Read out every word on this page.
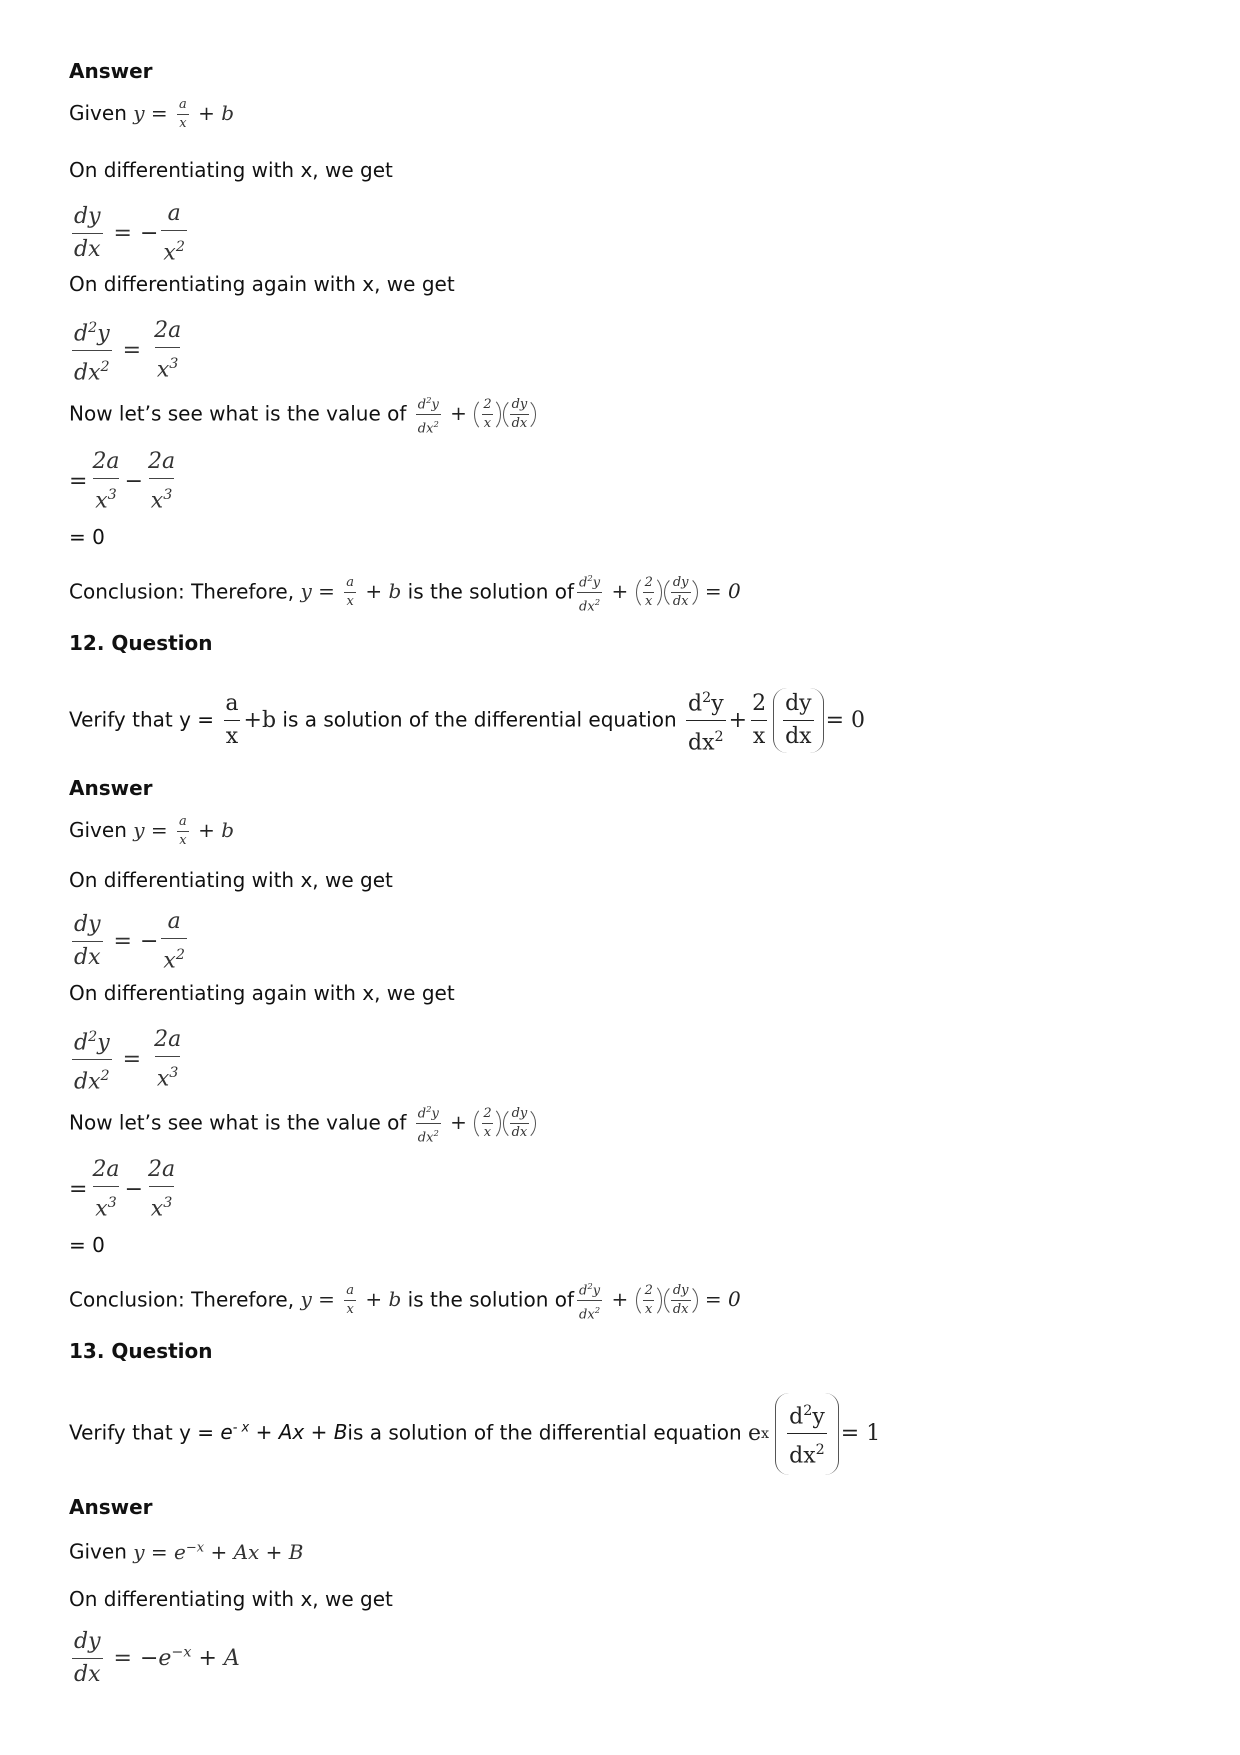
Answer
Given $y = \frac{a}{x} + b$
On differentiating with x, we get
$\frac{dy}{dx}$ = − $\frac{a}{x^2}$
On differentiating again with x, we get
$\frac{d^2y}{dx^2} = \frac{2a}{x^3}$
Now let’s see what is the value of $\frac{d^2y}{dx^2} + \frac{2}{x} \frac{dy}{dx}$
= $\frac{2a}{x^3} - \frac{2a}{x^3}$
= 0
Conclusion: Therefore, $y = \frac{a}{x} + b$ is the solution of $\frac{d^2y}{dx^2} + \frac{2}{x} \frac{dy}{dx} = 0$
12. Question
Verify that $y = \frac{a}{x} +b$ is a solution of the differential equation $\frac{d^2y}{dx^2} + \frac{2}{x} \frac{dy}{dx} = 0$
Answer
Given $y = \frac{a}{x} + b$
On differentiating with x, we get
$\frac{dy}{dx}$ = − $\frac{a}{x^2}$
On differentiating again with x, we get
$\frac{d^2y}{dx^2} = \frac{2a}{x^3}$
Now let’s see what is the value of $\frac{d^2y}{dx^2} + \frac{2}{x} \frac{dy}{dx}$
= $\frac{2a}{x^3} - \frac{2a}{x^3}$
= 0
Conclusion: Therefore, $y = \frac{a}{x} + b$ is the solution of $\frac{d^2y}{dx^2} + \frac{2}{x} \frac{dy}{dx} = 0$
13. Question
Verify that $y = e^{- x} + Ax$ + Bis a solution of the differential equation e x $\frac{d^2y}{dx^2} = 1$
Answer
Given $y = e^{-x} + Ax + B$
On differentiating with x, we get
$\frac{dy}{dx} = -e^{-x} + A$
